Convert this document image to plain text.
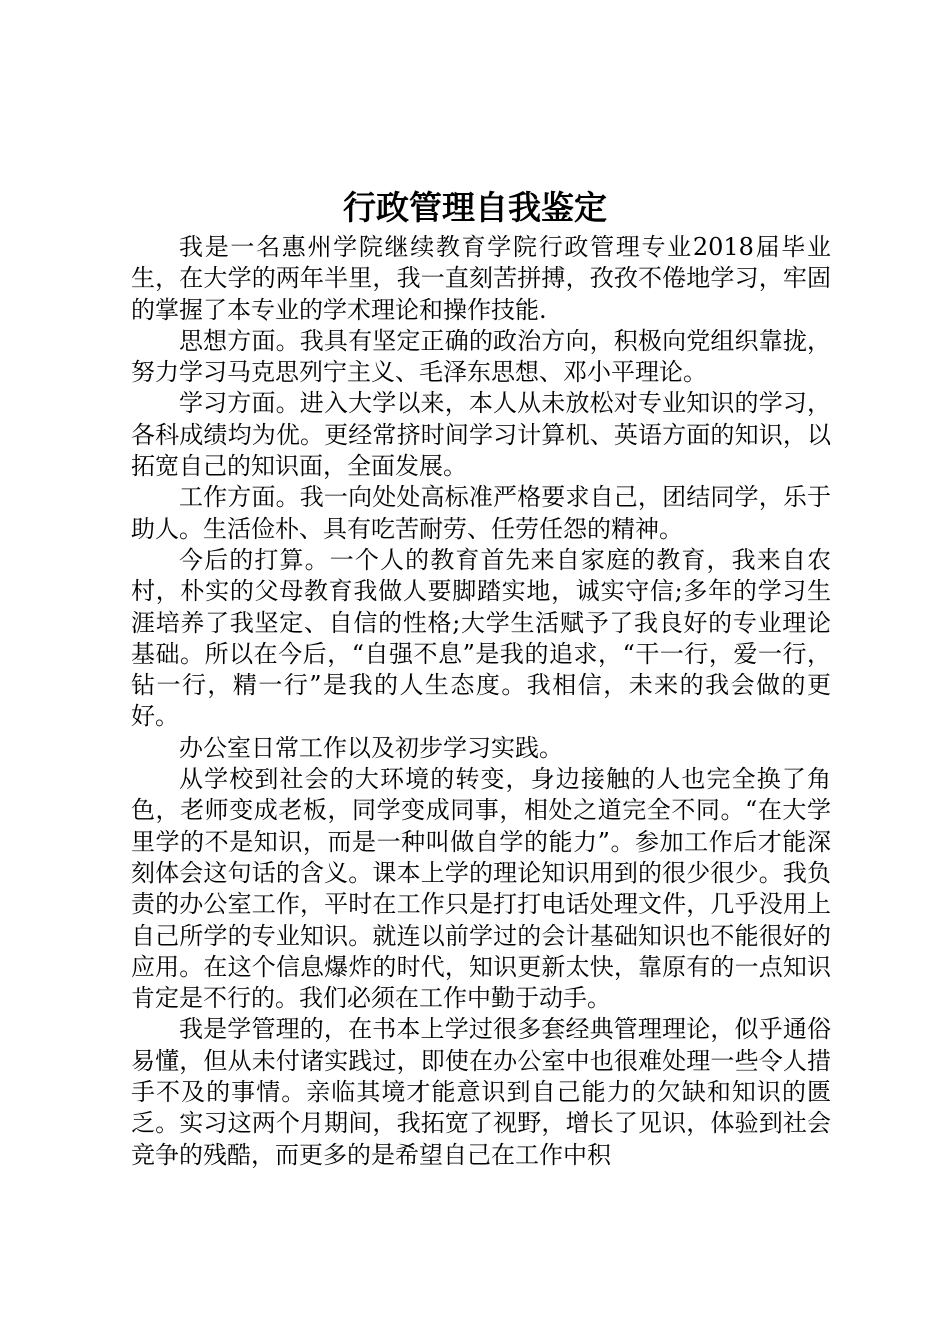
行政管理自我鉴定

我是一名惠州学院继续教育学院行政管理专业2018届毕业生，在大学的两年半里，我一直刻苦拼搏，孜孜不倦地学习，牢固的掌握了本专业的学术理论和操作技能.

思想方面。我具有坚定正确的政治方向，积极向党组织靠拢，努力学习马克思列宁主义、毛泽东思想、邓小平理论。

学习方面。进入大学以来，本人从未放松对专业知识的学习，各科成绩均为优。更经常挤时间学习计算机、英语方面的知识，以拓宽自己的知识面，全面发展。

工作方面。我一向处处高标准严格要求自己，团结同学，乐于助人。生活俭朴、具有吃苦耐劳、任劳任怨的精神。

今后的打算。一个人的教育首先来自家庭的教育，我来自农村，朴实的父母教育我做人要脚踏实地，诚实守信;多年的学习生涯培养了我坚定、自信的性格;大学生活赋予了我良好的专业理论基础。所以在今后，“自强不息”是我的追求，“干一行，爱一行，钻一行，精一行”是我的人生态度。我相信，未来的我会做的更好。

办公室日常工作以及初步学习实践。

从学校到社会的大环境的转变，身边接触的人也完全换了角色，老师变成老板，同学变成同事，相处之道完全不同。“在大学里学的不是知识，而是一种叫做自学的能力”。参加工作后才能深刻体会这句话的含义。课本上学的理论知识用到的很少很少。我负责的办公室工作，平时在工作只是打打电话处理文件，几乎没用上自己所学的专业知识。就连以前学过的会计基础知识也不能很好的应用。在这个信息爆炸的时代，知识更新太快，靠原有的一点知识肯定是不行的。我们必须在工作中勤于动手。

我是学管理的，在书本上学过很多套经典管理理论，似乎通俗易懂，但从未付诸实践过，即使在办公室中也很难处理一些令人措手不及的事情。亲临其境才能意识到自己能力的欠缺和知识的匮乏。实习这两个月期间，我拓宽了视野，增长了见识，体验到社会竞争的残酷，而更多的是希望自己在工作中积
